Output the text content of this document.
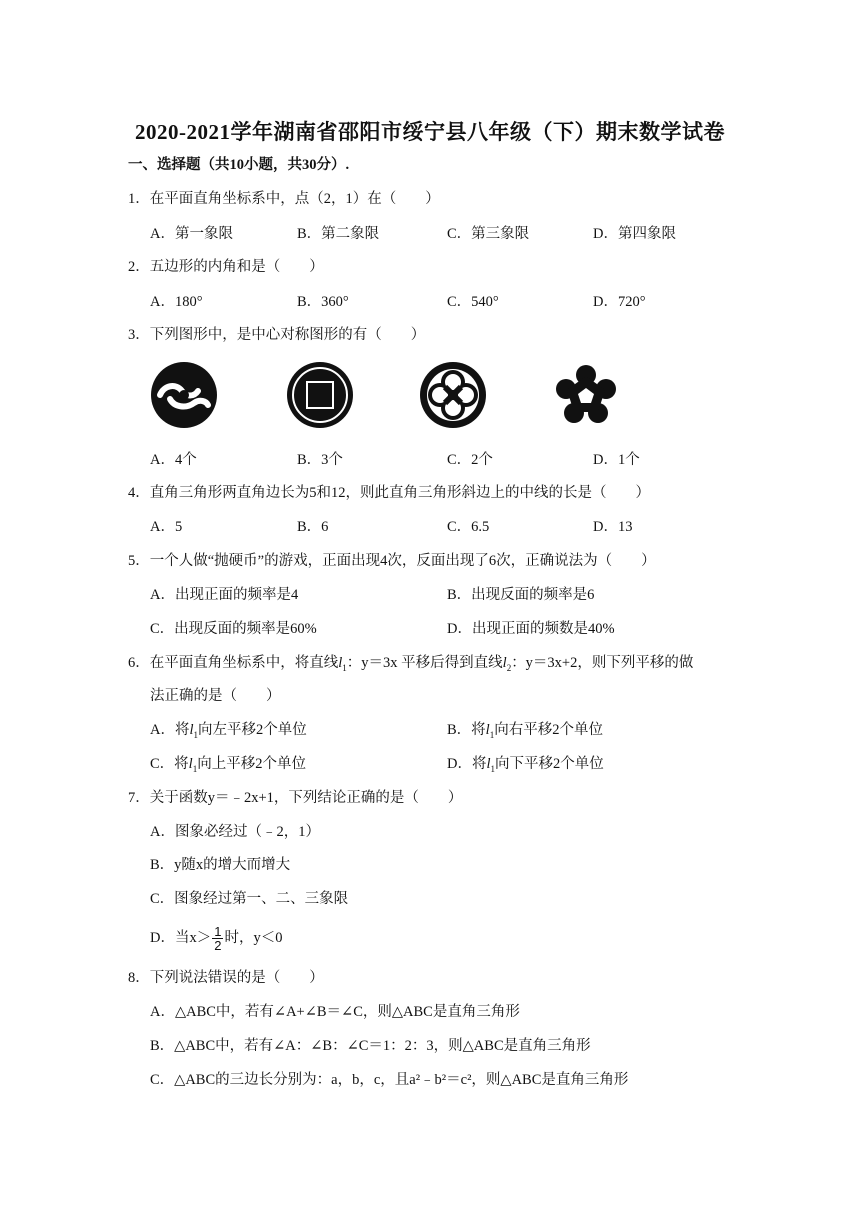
2020-2021学年湖南省邵阳市绥宁县八年级（下）期末数学试卷
一、选择题（共10小题，共30分）.
1．在平面直角坐标系中，点（2，1）在（　　）
A．第一象限	B．第二象限	C．第三象限	D．第四象限
2．五边形的内角和是（　　）
A．180°	B．360°	C．540°	D．720°
3．下列图形中，是中心对称图形的有（　　）
A．4个	B．3个	C．2个	D．1个
4．直角三角形两直角边长为5和12，则此直角三角形斜边上的中线的长是（　　）
A．5	B．6	C．6.5	D．13
5．一个人做“抛硬币”的游戏，正面出现4次，反面出现了6次，正确说法为（　　）
A．出现正面的频率是4	B．出现反面的频率是6
C．出现反面的频率是60%	D．出现正面的频数是40%
6．在平面直角坐标系中，将直线$l_1$：y＝3x 平移后得到直线$l_2$：y＝3x+2，则下列平移的做
法正确的是（　　）
A．将$l_1$向左平移2个单位	B．将$l_1$向右平移2个单位
C．将$l_1$向上平移2个单位	D．将$l_1$向下平移2个单位
7．关于函数y＝﹣2x+1，下列结论正确的是（　　）
A．图象必经过（﹣2，1）
B．y随x的增大而增大
C．图象经过第一、二、三象限
D．当$x> \frac{1}{2}$ 时，y＜0
8．下列说法错误的是（　　）
A．△ABC中，若有∠A+∠B＝∠C，则△ABC是直角三角形
B．△ABC中，若有∠A：∠B：∠C＝1：2：3，则△ABC是直角三角形
C．△ABC的三边长分别为：a，b，c，且a²﹣b²＝c²，则△ABC是直角三角形
